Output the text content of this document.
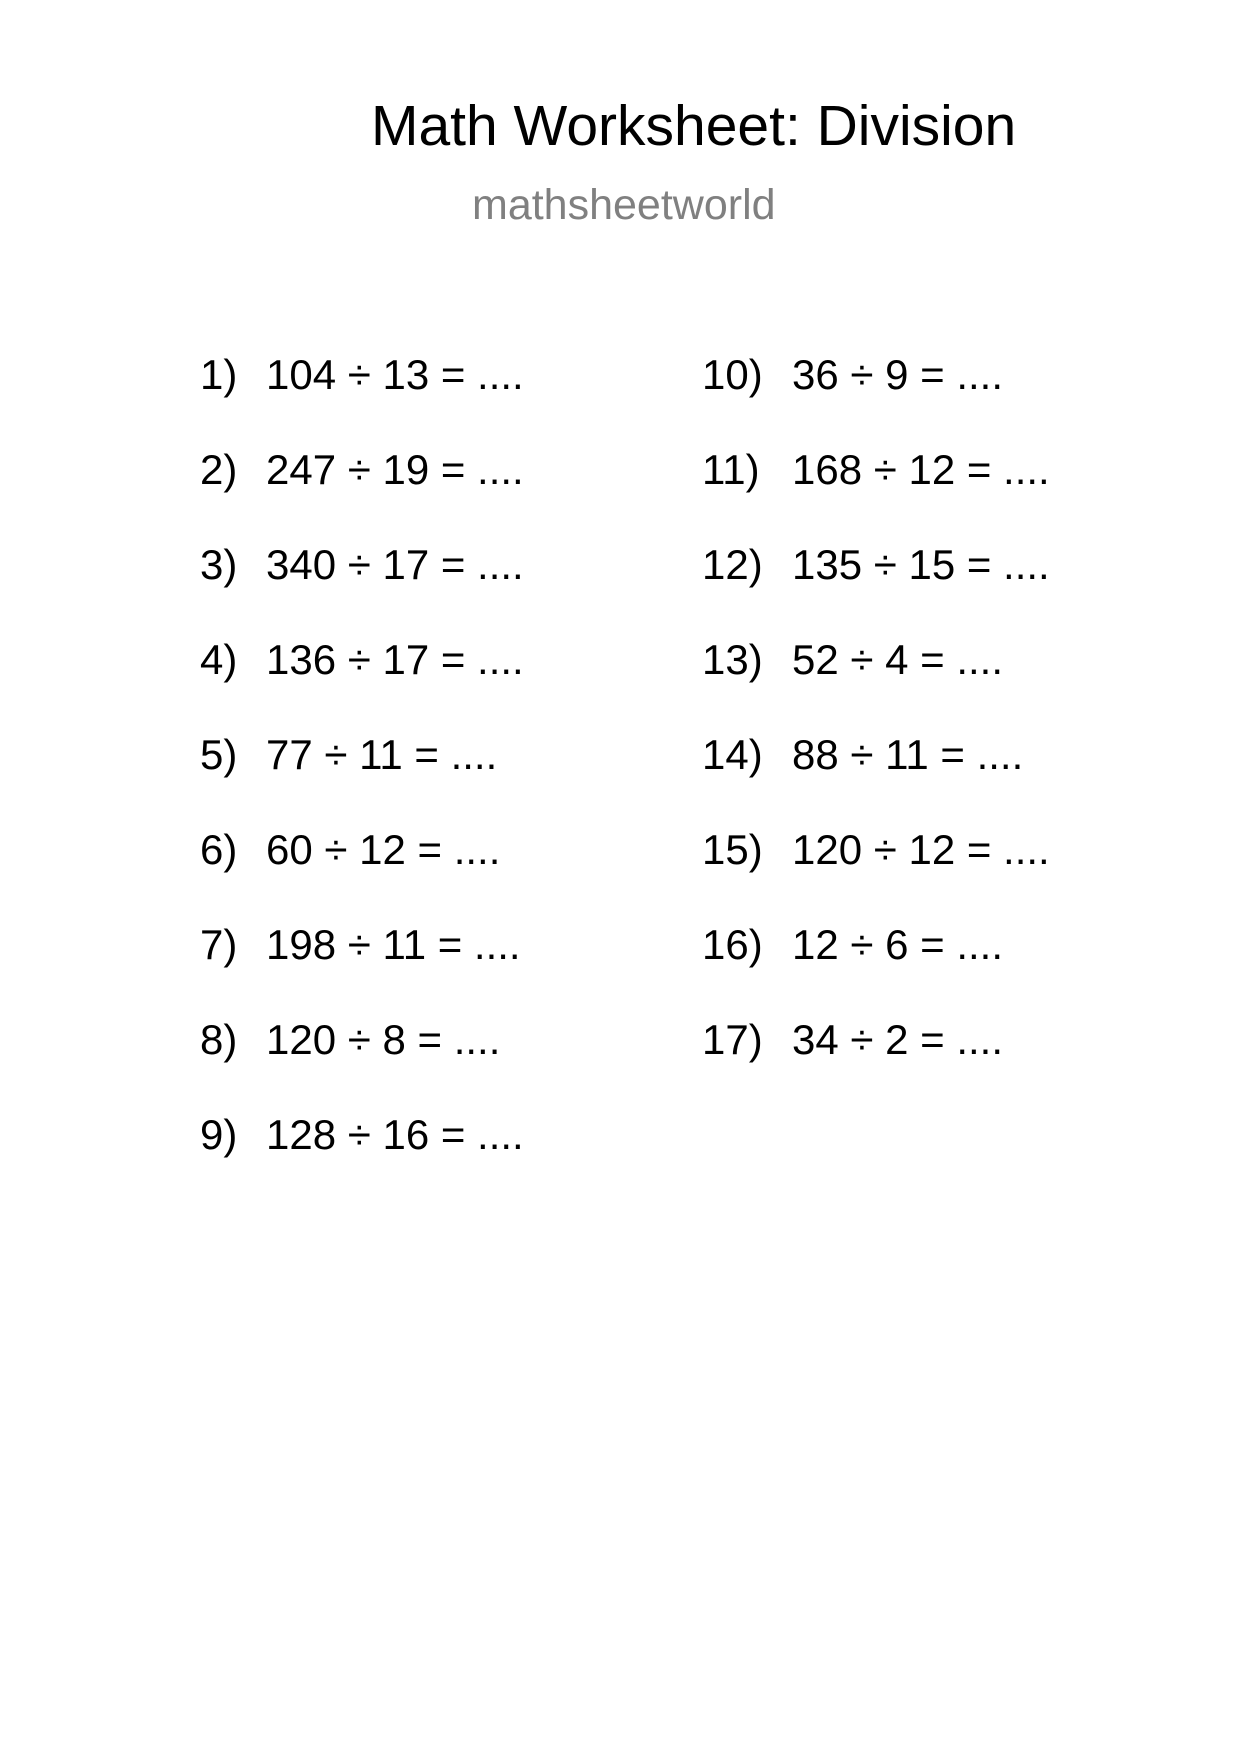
Math Worksheet: Division
mathsheetworld
1) 104 ÷ 13 = ....
2) 247 ÷ 19 = ....
3) 340 ÷ 17 = ....
4) 136 ÷ 17 = ....
5) 77 ÷ 11 = ....
6) 60 ÷ 12 = ....
7) 198 ÷ 11 = ....
8) 120 ÷ 8 = ....
9) 128 ÷ 16 = ....
10) 36 ÷ 9 = ....
11) 168 ÷ 12 = ....
12) 135 ÷ 15 = ....
13) 52 ÷ 4 = ....
14) 88 ÷ 11 = ....
15) 120 ÷ 12 = ....
16) 12 ÷ 6 = ....
17) 34 ÷ 2 = ....
